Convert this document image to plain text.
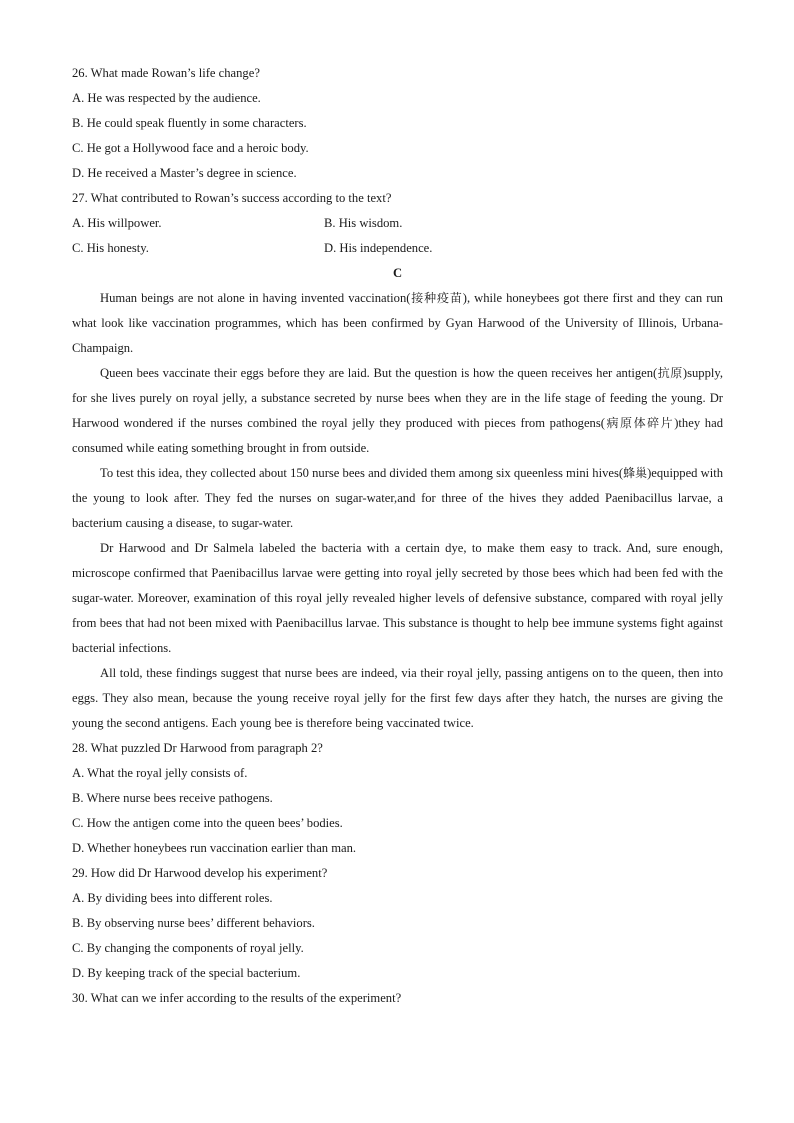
26. What made Rowan’s life change?
A. He was respected by the audience.
B. He could speak fluently in some characters.
C. He got a Hollywood face and a heroic body.
D. He received a Master’s degree in science.
27. What contributed to Rowan’s success according to the text?
A. His willpower.	B. His wisdom.
C. His honesty.	D. His independence.
C

Human beings are not alone in having invented vaccination(接种疫苗), while honeybees got there first and they can run what look like vaccination programmes, which has been confirmed by Gyan Harwood of the University of Illinois, Urbana-Champaign.

Queen bees vaccinate their eggs before they are laid. But the question is how the queen receives her antigen(抗原)supply, for she lives purely on royal jelly, a substance secreted by nurse bees when they are in the life stage of feeding the young. Dr Harwood wondered if the nurses combined the royal jelly they produced with pieces from pathogens(病原体碎片)they had consumed while eating something brought in from outside.

To test this idea, they collected about 150 nurse bees and divided them among six queenless mini hives(蜂巢)equipped with the young to look after. They fed the nurses on sugar-water,and for three of the hives they added Paenibacillus larvae, a bacterium causing a disease, to sugar-water.

Dr Harwood and Dr Salmela labeled the bacteria with a certain dye, to make them easy to track. And, sure enough, microscope confirmed that Paenibacillus larvae were getting into royal jelly secreted by those bees which had been fed with the sugar-water. Moreover, examination of this royal jelly revealed higher levels of defensive substance, compared with royal jelly from bees that had not been mixed with Paenibacillus larvae. This substance is thought to help bee immune systems fight against bacterial infections.

All told, these findings suggest that nurse bees are indeed, via their royal jelly, passing antigens on to the queen, then into eggs. They also mean, because the young receive royal jelly for the first few days after they hatch, the nurses are giving the young the second antigens. Each young bee is therefore being vaccinated twice.

28. What puzzled Dr Harwood from paragraph 2?
A. What the royal jelly consists of.
B. Where nurse bees receive pathogens.
C. How the antigen come into the queen bees’ bodies.
D. Whether honeybees run vaccination earlier than man.
29. How did Dr Harwood develop his experiment?
A. By dividing bees into different roles.
B. By observing nurse bees’ different behaviors.
C. By changing the components of royal jelly.
D. By keeping track of the special bacterium.
30. What can we infer according to the results of the experiment?
